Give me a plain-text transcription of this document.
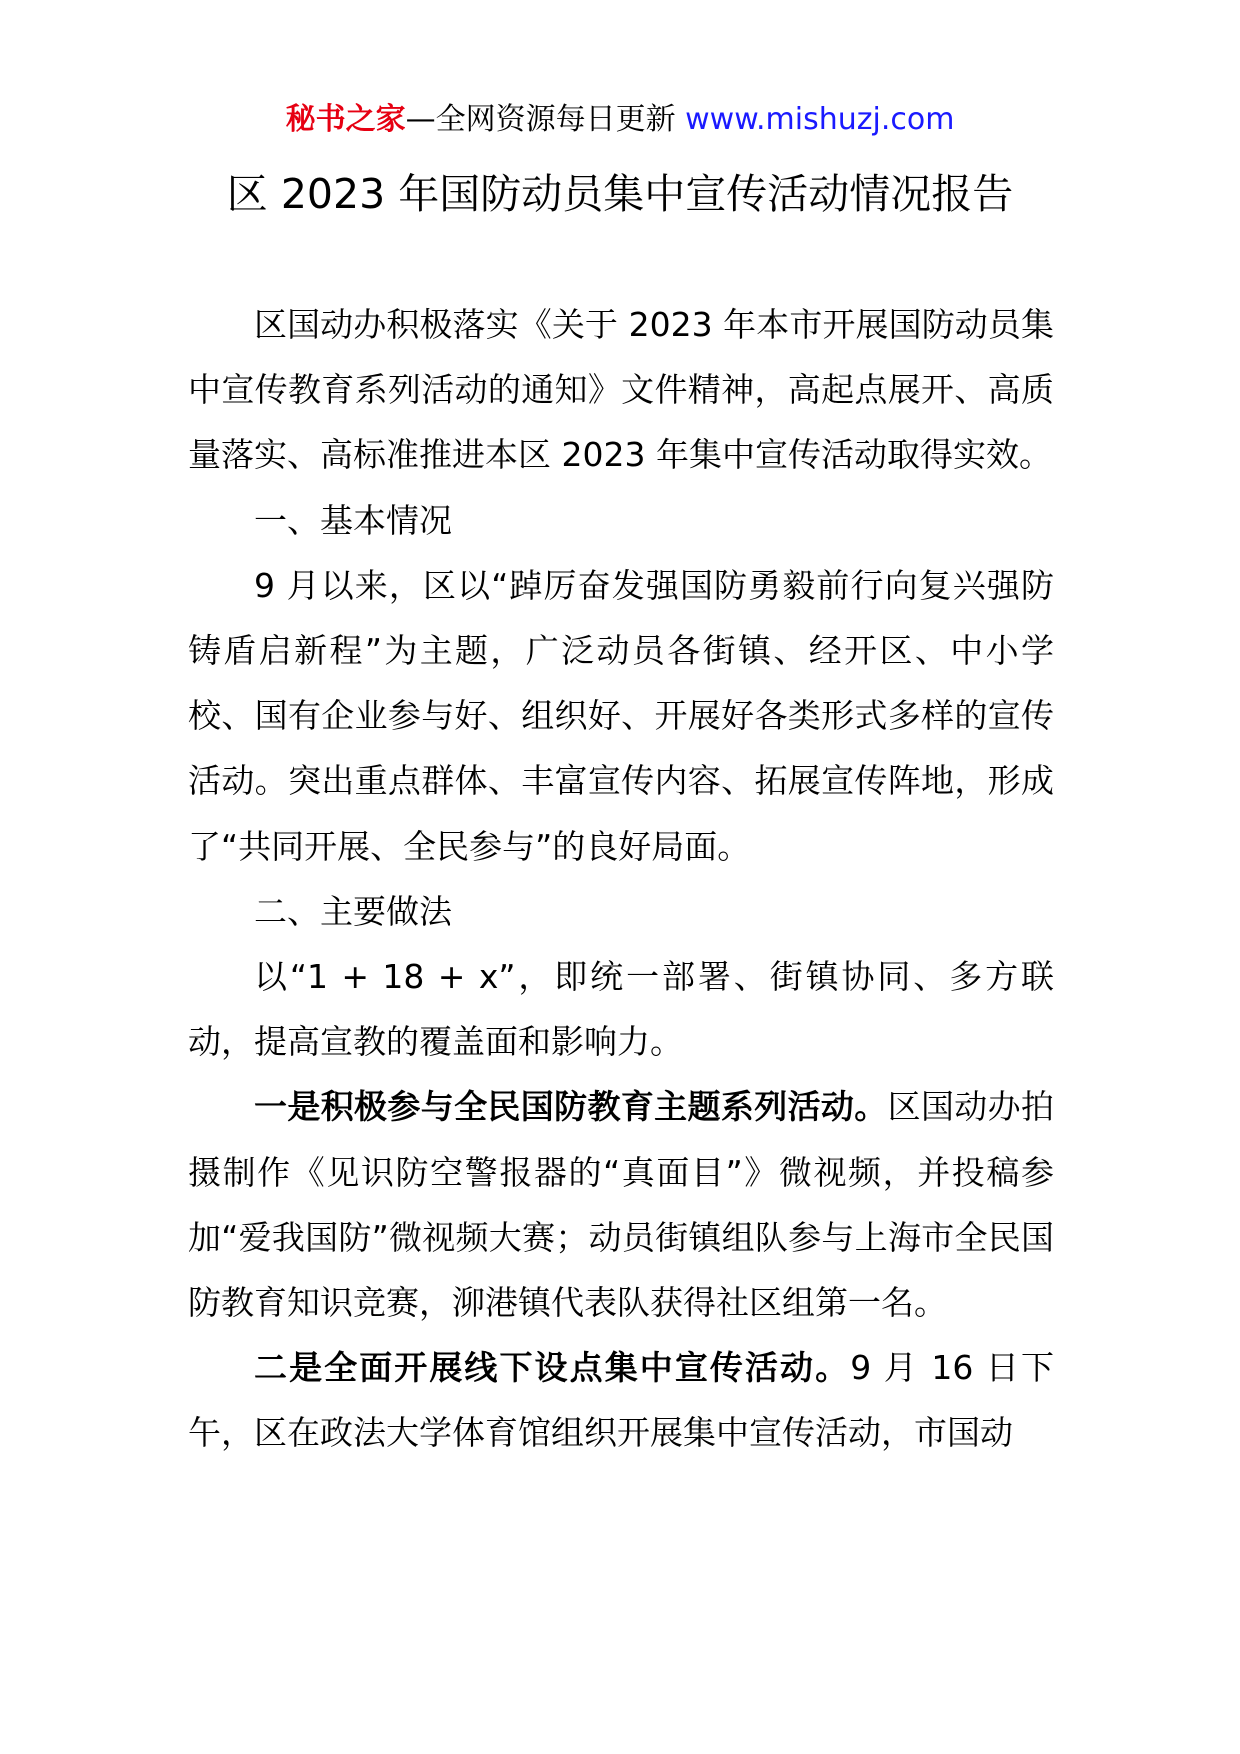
秘书之家—全网资源每日更新 www.mishuzj.com
区 2023 年国防动员集中宣传活动情况报告

区国动办积极落实《关于 2023 年本市开展国防动员集中宣传教育系列活动的通知》文件精神，高起点展开、高质量落实、高标准推进本区 2023 年集中宣传活动取得实效。

一、基本情况

9 月以来，区以“踔厉奋发强国防勇毅前行向复兴强防铸盾启新程”为主题，广泛动员各街镇、经开区、中小学校、国有企业参与好、组织好、开展好各类形式多样的宣传活动。突出重点群体、丰富宣传内容、拓展宣传阵地，形成了“共同开展、全民参与”的良好局面。

二、主要做法

以“1 + 18 + x”，即统一部署、街镇协同、多方联动，提高宣教的覆盖面和影响力。

一是积极参与全民国防教育主题系列活动。区国动办拍摄制作《见识防空警报器的“真面目”》微视频，并投稿参加“爱我国防”微视频大赛；动员街镇组队参与上海市全民国防教育知识竞赛，泖港镇代表队获得社区组第一名。

二是全面开展线下设点集中宣传活动。9 月 16 日下午，区在政法大学体育馆组织开展集中宣传活动，市国动
